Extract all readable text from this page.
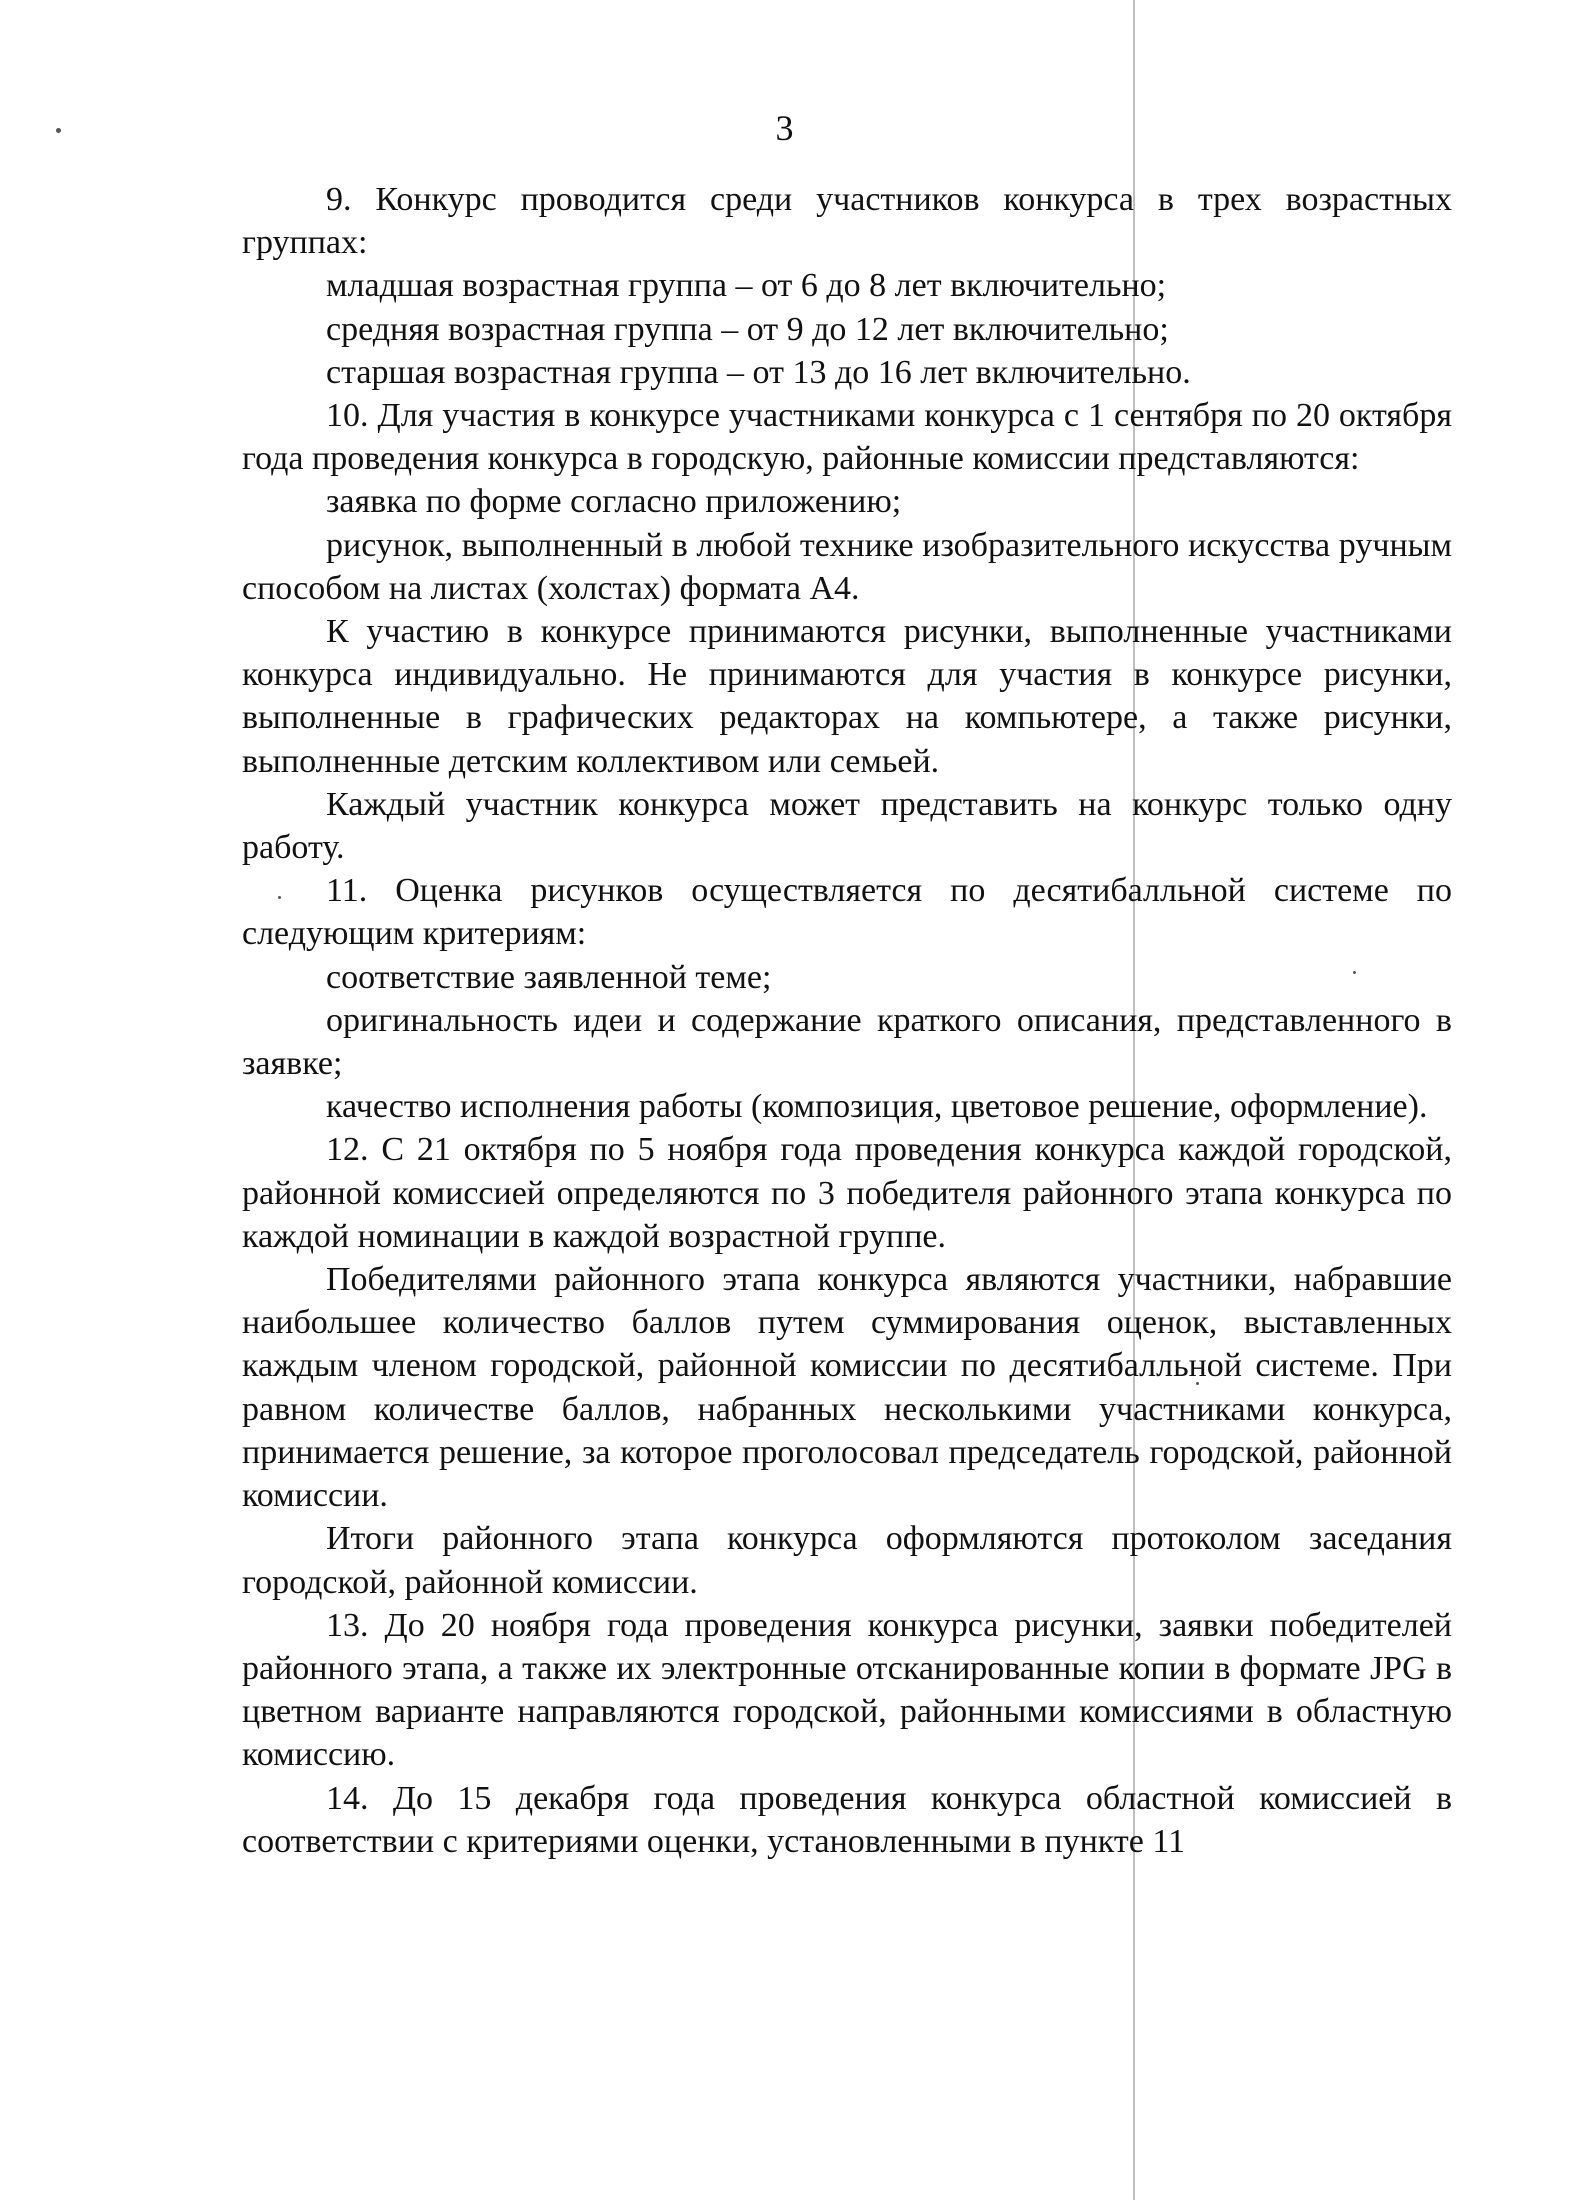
3

9. Конкурс проводится среди участников конкурса в трех возрастных группах:

младшая возрастная группа – от 6 до 8 лет включительно;

средняя возрастная группа – от 9 до 12 лет включительно;

старшая возрастная группа – от 13 до 16 лет включительно.

10. Для участия в конкурсе участниками конкурса с 1 сентября по 20 октября года проведения конкурса в городскую, районные комиссии представляются:

заявка по форме согласно приложению;

рисунок, выполненный в любой технике изобразительного искусства ручным способом на листах (холстах) формата А4.

К участию в конкурсе принимаются рисунки, выполненные участниками конкурса индивидуально. Не принимаются для участия в конкурсе рисунки, выполненные в графических редакторах на компьютере, а также рисунки, выполненные детским коллективом или семьей.

Каждый участник конкурса может представить на конкурс только одну работу.

11. Оценка рисунков осуществляется по десятибалльной системе по следующим критериям:

соответствие заявленной теме;

оригинальность идеи и содержание краткого описания, представленного в заявке;

качество исполнения работы (композиция, цветовое решение, оформление).

12. С 21 октября по 5 ноября года проведения конкурса каждой городской, районной комиссией определяются по 3 победителя районного этапа конкурса по каждой номинации в каждой возрастной группе.

Победителями районного этапа конкурса являются участники, набравшие наибольшее количество баллов путем суммирования оценок, выставленных каждым членом городской, районной комиссии по десятибалльной системе. При равном количестве баллов, набранных несколькими участниками конкурса, принимается решение, за которое проголосовал председатель городской, районной комиссии.

Итоги районного этапа конкурса оформляются протоколом заседания городской, районной комиссии.

13. До 20 ноября года проведения конкурса рисунки, заявки победителей районного этапа, а также их электронные отсканированные копии в формате JPG в цветном варианте направляются городской, районными комиссиями в областную комиссию.

14. До 15 декабря года проведения конкурса областной комиссией в соответствии с критериями оценки, установленными в пункте 11
